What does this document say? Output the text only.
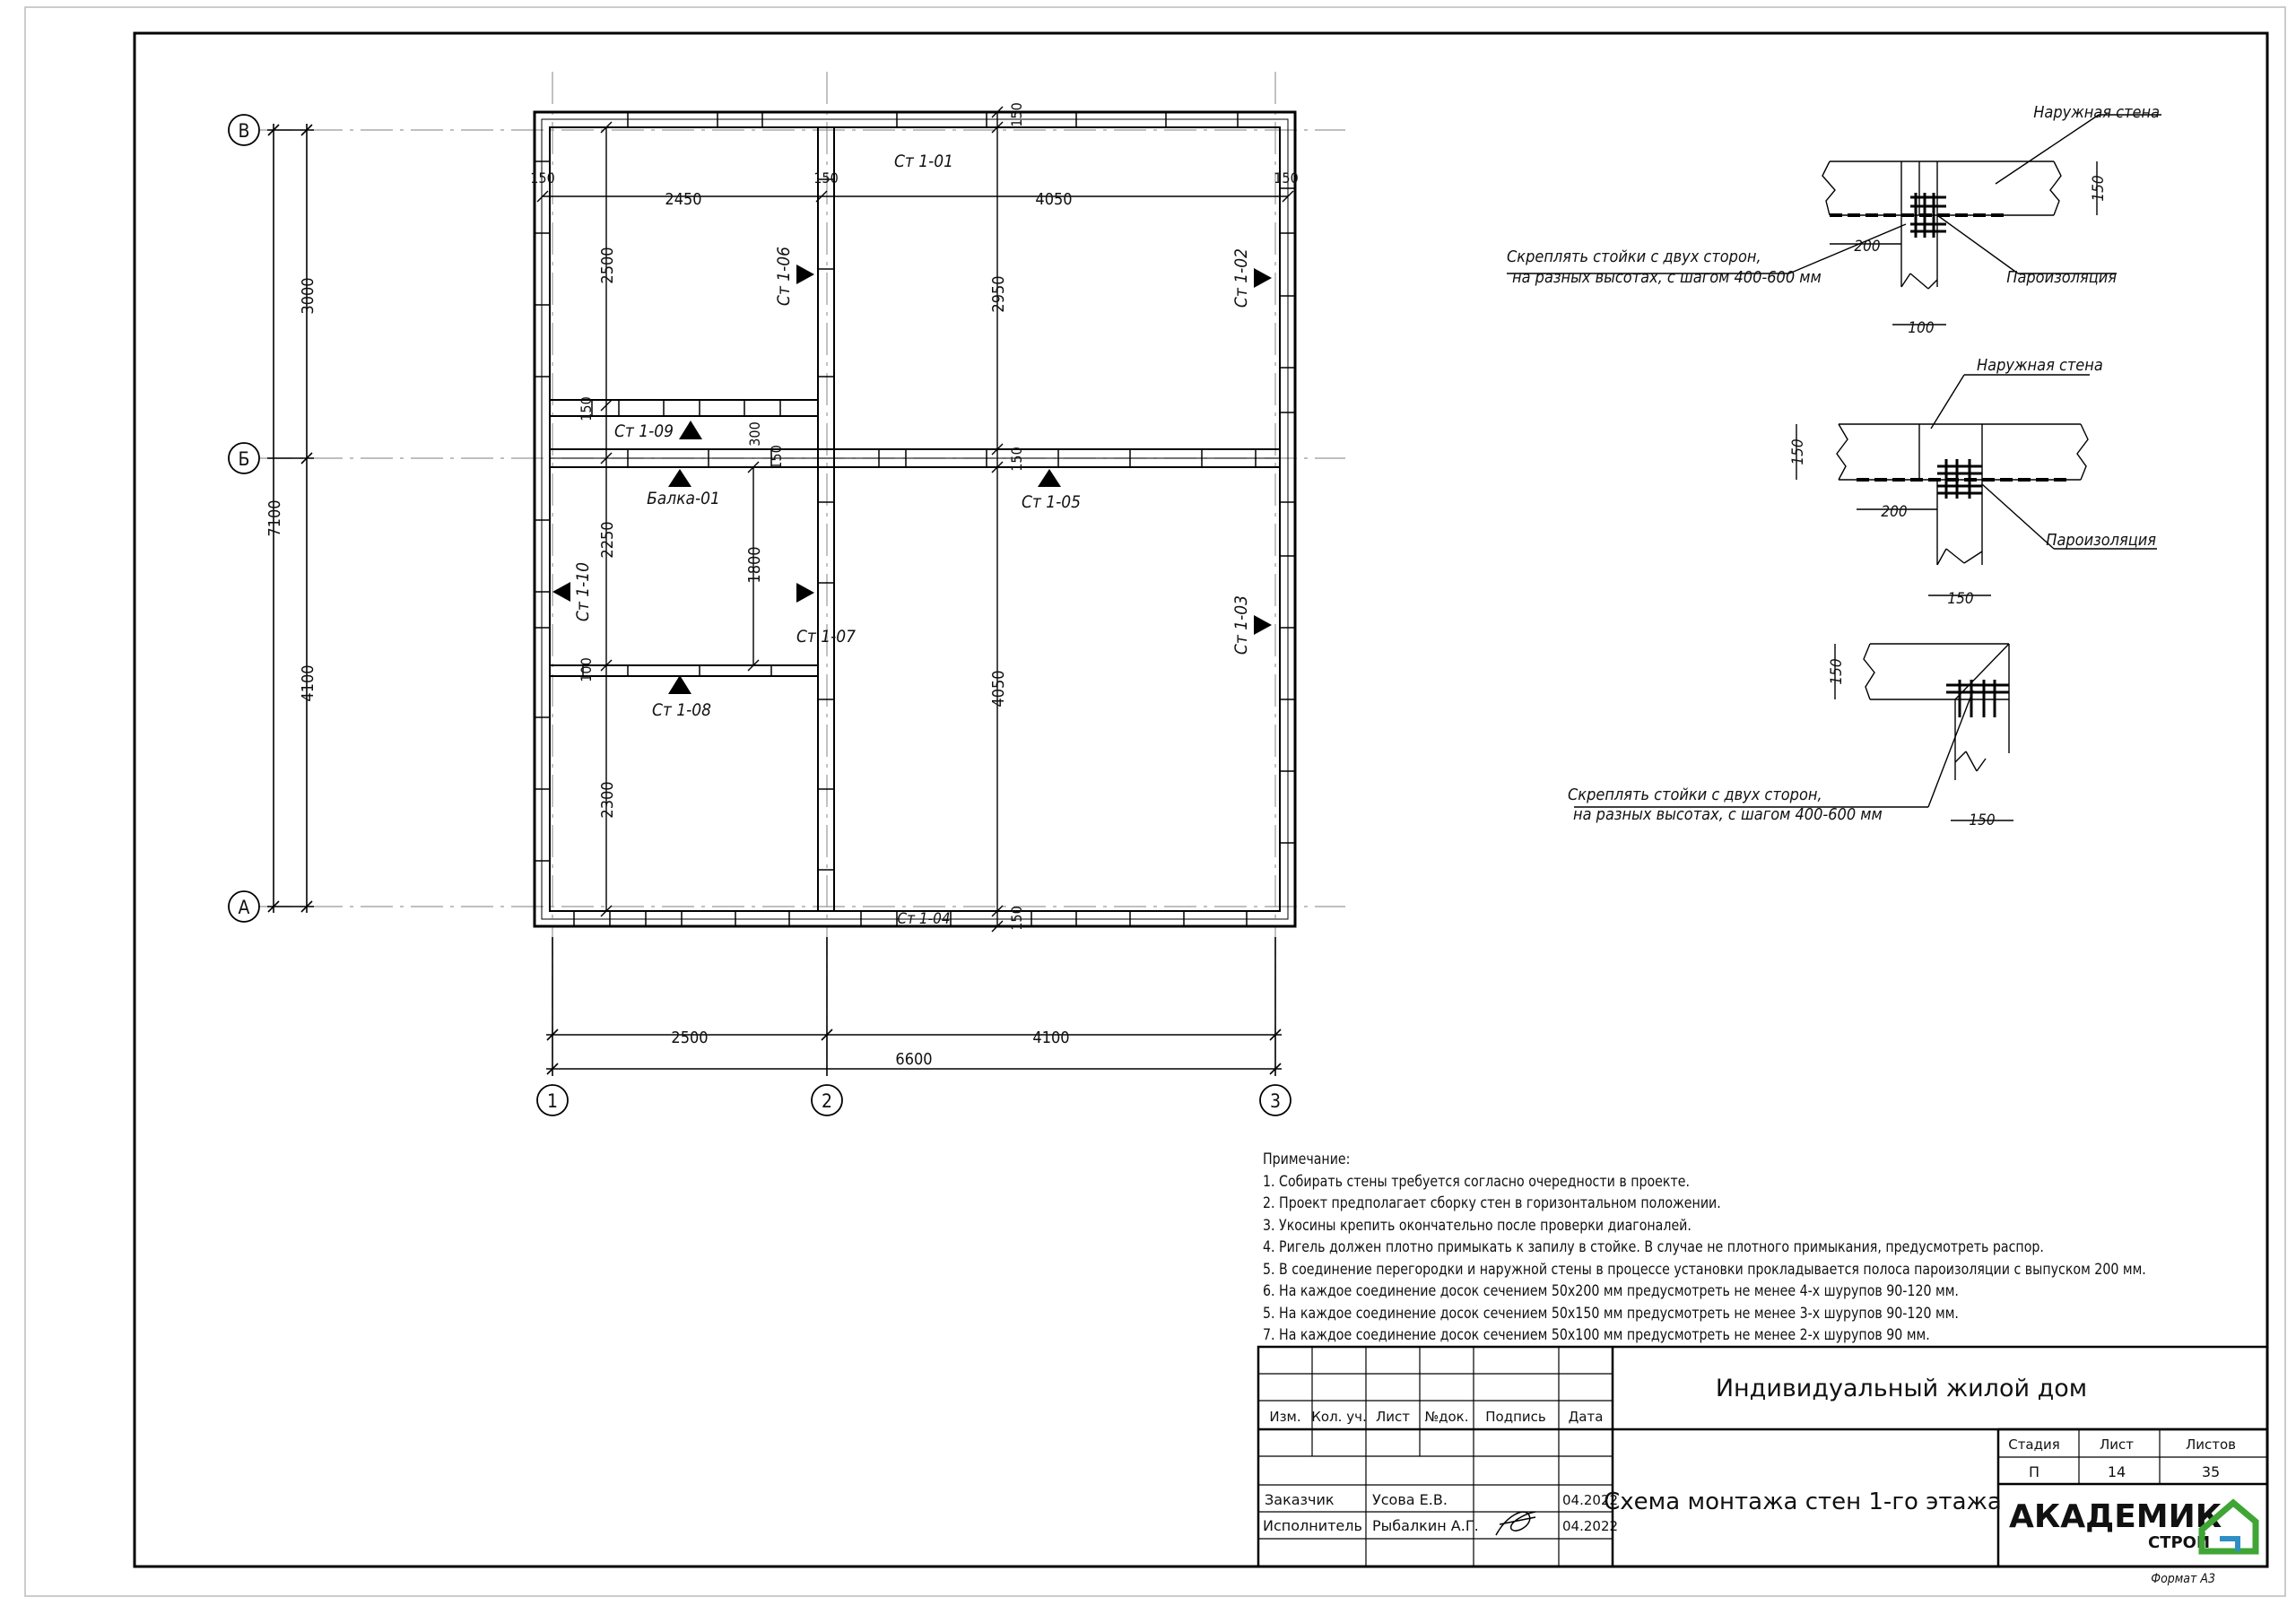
В
Б
А
1	2	3
7100
3000
4100
2500	4100
6600
2450	4050
150	150	150
150
150
150
2500
2950
2250
1800
2300
4050
150
300
150
100
Ст 1-01
Ст 1-02
Ст 1-03
Ст 1-04
Ст 1-05
Ст 1-06
Ст 1-07
Ст 1-08
Ст 1-09
Ст 1-10
Балка-01
Наружная стена
Пароизоляция
Скреплять стойки с двух сторон,
на разных высотах, с шагом 400-600 мм
200
100
150
Наружная стена
Пароизоляция
200
150
150
Скреплять стойки с двух сторон,
на разных высотах, с шагом 400-600 мм	150
150
Изм. Кол. уч. Лист №док. Подпись Дата
Заказчик	Усова Е.В.	04.2022
Исполнитель Рыбалкин А.Г.	04.2022
Индивидуальный жилой дом
Схема монтажа стен 1-го этажа
Стадия	Лист	Листов
П	14	35
АКАДЕМИК
СТРОЙ
Формат А3
Примечание:
1. Собирать стены требуется согласно очередности в проекте.
2. Проект предполагает сборку стен в горизонтальном положении.
3. Укосины крепить окончательно после проверки диагоналей.
4. Ригель должен плотно примыкать к запилу в стойке. В случае не плотного примыкания, предусмотреть распор.
5. В соединение перегородки и наружной стены в процессе установки прокладывается полоса пароизоляции с выпуском 200 мм.
6. На каждое соединение досок сечением 50х200 мм предусмотреть не менее 4-х шурупов 90-120 мм.
5. На каждое соединение досок сечением 50х150 мм предусмотреть не менее 3-х шурупов 90-120 мм.
7. На каждое соединение досок сечением 50х100 мм предусмотреть не менее 2-х шурупов 90 мм.
